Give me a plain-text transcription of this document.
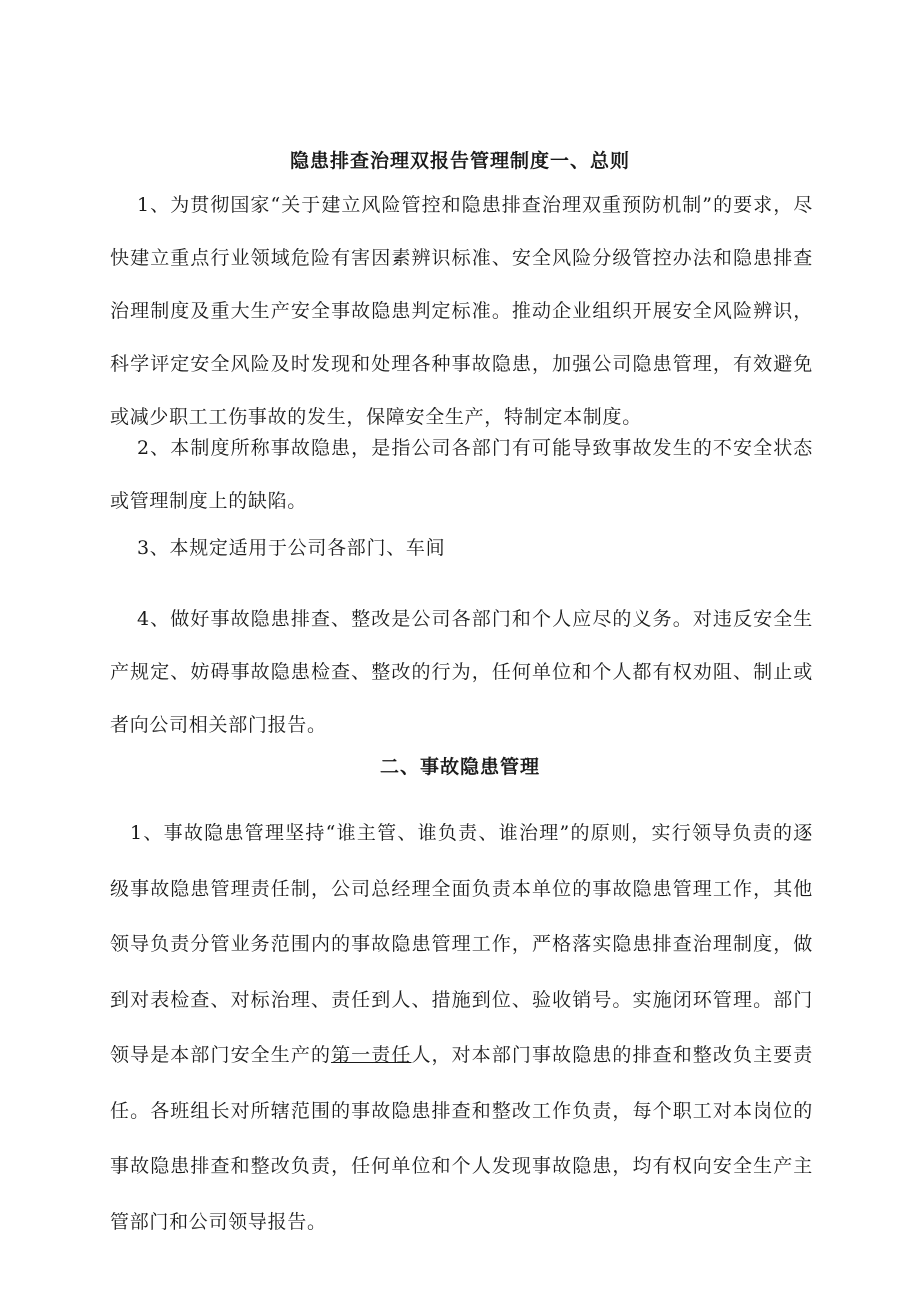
隐患排查治理双报告管理制度一、总则
1、为贯彻国家“关于建立风险管控和隐患排查治理双重预防机制”的要求，尽快建立重点行业领域危险有害因素辨识标准、安全风险分级管控办法和隐患排查治理制度及重大生产安全事故隐患判定标准。推动企业组织开展安全风险辨识，科学评定安全风险及时发现和处理各种事故隐患，加强公司隐患管理，有效避免或减少职工工伤事故的发生，保障安全生产，特制定本制度。
2、本制度所称事故隐患，是指公司各部门有可能导致事故发生的不安全状态或管理制度上的缺陷。
3、本规定适用于公司各部门、车间
4、做好事故隐患排查、整改是公司各部门和个人应尽的义务。对违反安全生产规定、妨碍事故隐患检查、整改的行为，任何单位和个人都有权劝阻、制止或者向公司相关部门报告。
二、事故隐患管理
1、事故隐患管理坚持“谁主管、谁负责、谁治理”的原则，实行领导负责的逐级事故隐患管理责任制，公司总经理全面负责本单位的事故隐患管理工作，其他领导负责分管业务范围内的事故隐患管理工作，严格落实隐患排查治理制度，做到对表检查、对标治理、责任到人、措施到位、验收销号。实施闭环管理。部门领导是本部门安全生产的第一责任人，对本部门事故隐患的排查和整改负主要责任。各班组长对所辖范围的事故隐患排查和整改工作负责，每个职工对本岗位的事故隐患排查和整改负责，任何单位和个人发现事故隐患，均有权向安全生产主管部门和公司领导报告。
